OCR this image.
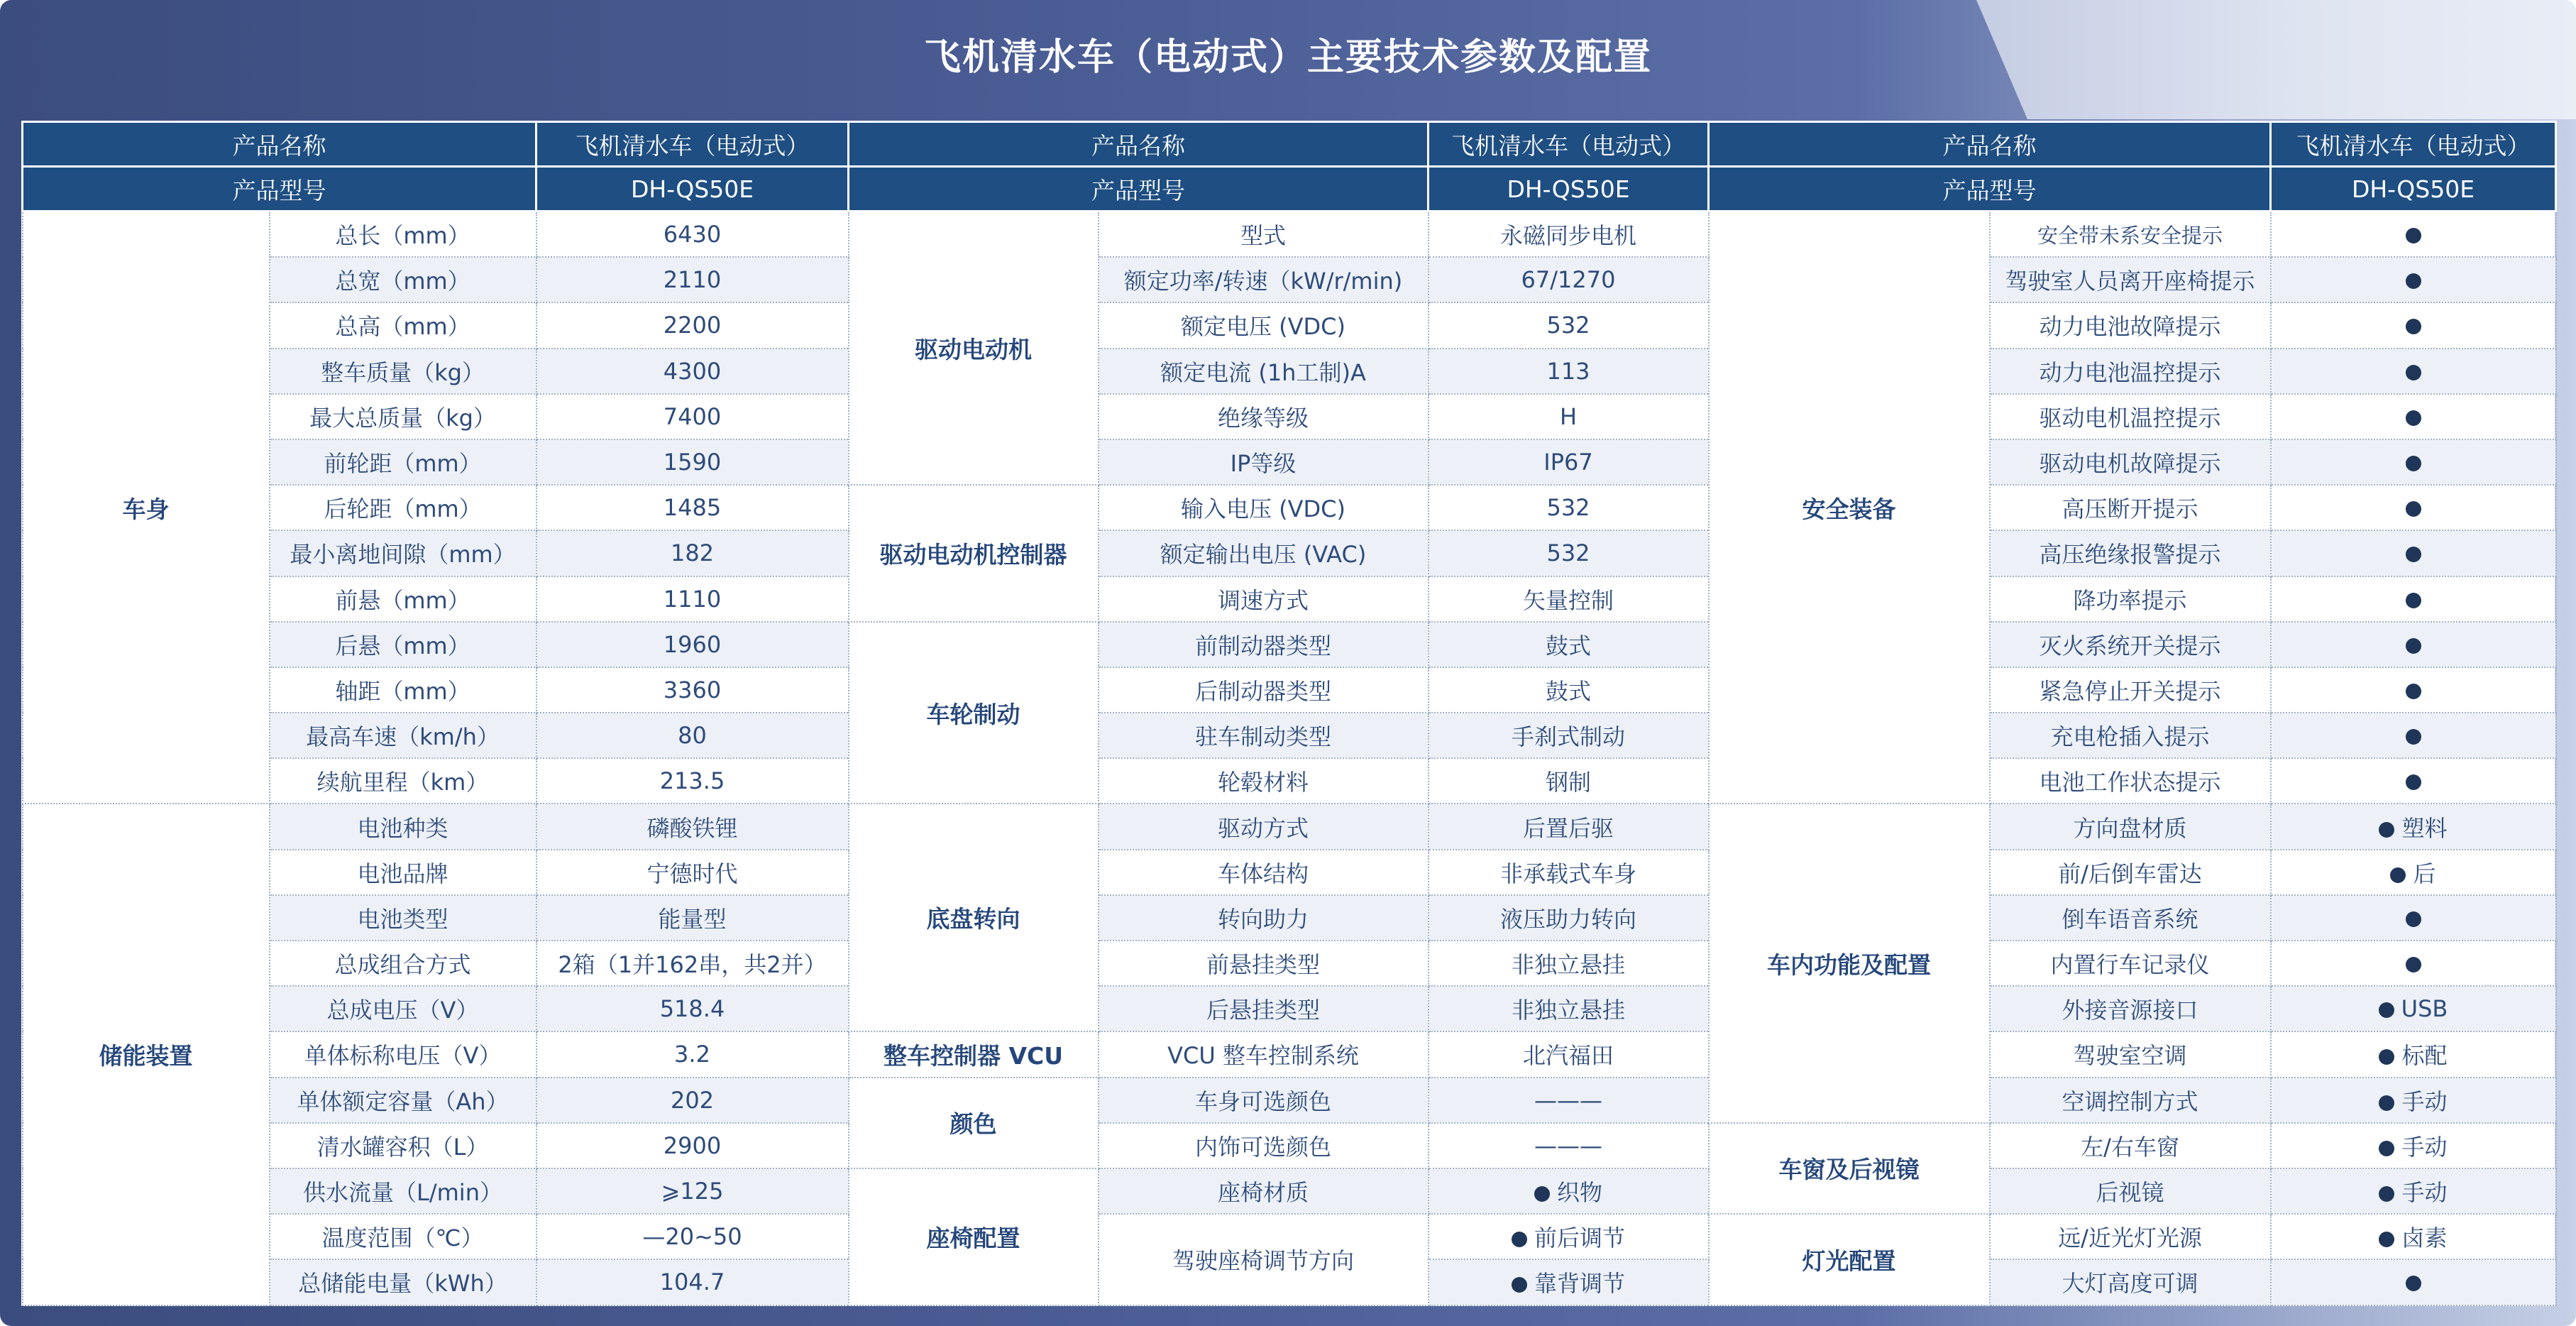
飞机清水车（电动式）主要技术参数及配置
产品名称		飞机清水车（电动式）	产品名称		飞机清水车（电动式）	产品名称		飞机清水车（电动式）
产品型号		DH-QS50E	产品型号		DH-QS50E	产品型号		DH-QS50E
车身	总长（mm）	6430	驱动电动机	型式	永磁同步电机	安全装备	安全带未系安全提示	
	总宽（mm）	2110		额定功率/转速（kW/r/min)	67/1270		驾驶室人员离开座椅提示	
	总高（mm）	2200		额定电压 (VDC)	532		动力电池故障提示	
	整车质量（kg）	4300		额定电流 (1h工制)A	113		动力电池温控提示	
	最大总质量（kg）	7400		绝缘等级	H		驱动电机温控提示	
	前轮距（mm）	1590		IP等级	IP67		驱动电机故障提示	
	后轮距（mm）	1485	驱动电动机控制器	输入电压 (VDC)	532		高压断开提示	
	最小离地间隙（mm）	182		额定输出电压 (VAC)	532		高压绝缘报警提示	
	前悬（mm）	1110		调速方式	矢量控制		降功率提示	
	后悬（mm）	1960	车轮制动	前制动器类型	鼓式		灭火系统开关提示	
	轴距（mm）	3360		后制动器类型	鼓式		紧急停止开关提示	
	最高车速（km/h）	80		驻车制动类型	手刹式制动		充电枪插入提示	
	续航里程（km）	213.5		轮毂材料	钢制		电池工作状态提示	
储能装置	电池种类	磷酸铁锂	底盘转向	驱动方式	后置后驱	车内功能及配置	方向盘材质	塑料
	电池品牌	宁德时代		车体结构	非承载式车身		前/后倒车雷达	后
	电池类型	能量型		转向助力	液压助力转向		倒车语音系统	
	总成组合方式	2箱（1并162串，共2并）		前悬挂类型	非独立悬挂		内置行车记录仪	
	总成电压（V）	518.4		后悬挂类型	非独立悬挂		外接音源接口	USB
	单体标称电压（V）	3.2	整车控制器 VCU	VCU 整车控制系统	北汽福田		驾驶室空调	标配
	单体额定容量（Ah）	202	颜色	车身可选颜色	———		空调控制方式	手动
	清水罐容积（L）	2900		内饰可选颜色	———	车窗及后视镜	左/右车窗	手动
	供水流量（L/min）	⩾125	座椅配置	座椅材质	织物		后视镜	手动
	温度范围（℃）	—20~50		驾驶座椅调节方向	前后调节	灯光配置	远/近光灯光源	卤素
	总储能电量（kWh）	104.7			靠背调节		大灯高度可调	
